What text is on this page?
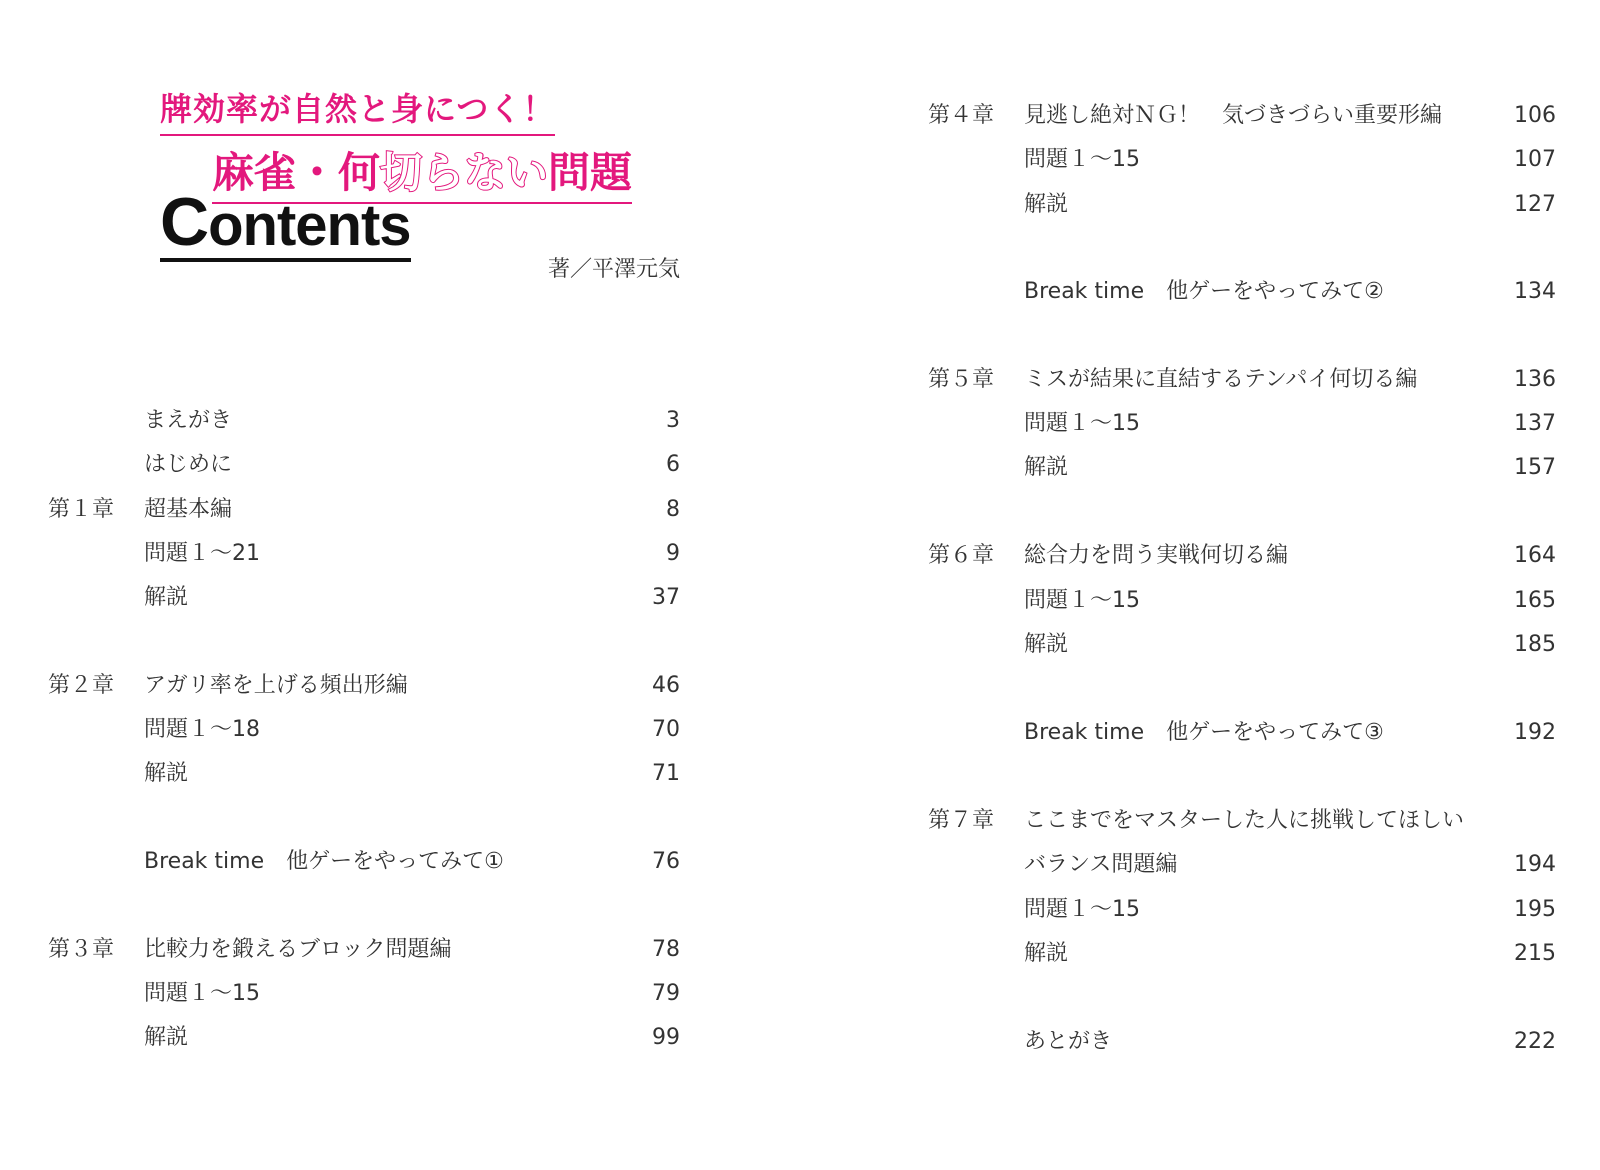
牌効率が自然と身につく！
麻雀・何切らない問題
Contents
著／平澤元気
まえがき	3
はじめに	6
第１章 超基本編	8
問題１～21	9
解説	37
第２章 アガリ率を上げる頻出形編	46
問題１～18	70
解説	71
Break time　他ゲーをやってみて①	76
第３章 比較力を鍛えるブロック問題編	78
問題１～15	79
解説	99
第４章 見逃し絶対ＮＧ！　気づきづらい重要形編	106
問題１～15	107
解説	127
Break time　他ゲーをやってみて②	134
第５章 ミスが結果に直結するテンパイ何切る編	136
問題１～15	137
解説	157
第６章 総合力を問う実戦何切る編	164
問題１～15	165
解説	185
Break time　他ゲーをやってみて③	192
第７章 ここまでをマスターした人に挑戦してほしい
バランス問題編	194
問題１～15	195
解説	215
あとがき	222
